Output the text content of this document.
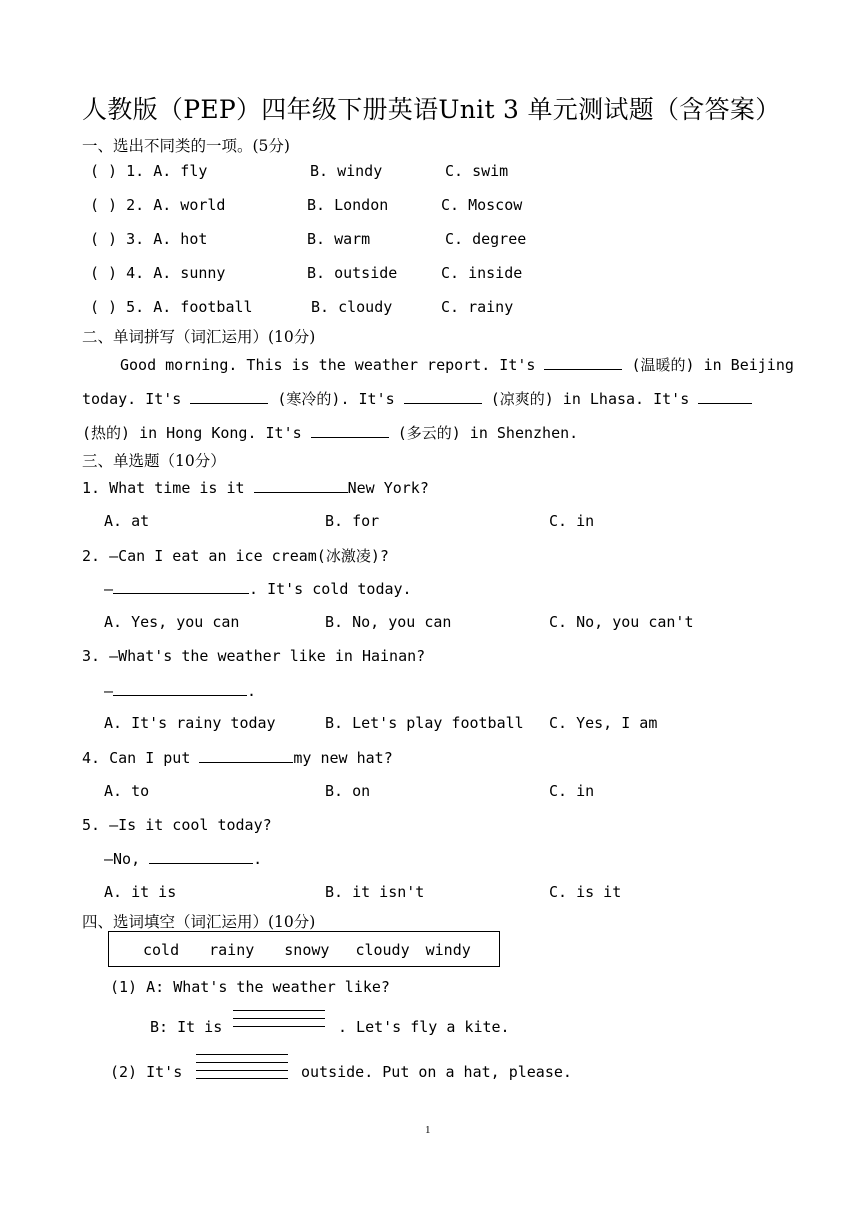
人教版（PEP）四年级下册英语Unit 3 单元测试题（含答案）
一、选出不同类的一项。(5分)
( ) 1. A. fly	B. windy	C. swim
( ) 2. A. world	B. London	C. Moscow
( ) 3. A. hot	B. warm	C. degree
( ) 4. A. sunny	B. outside	C. inside
( ) 5. A. football	B. cloudy	C. rainy
二、单词拼写（词汇运用）(10分)
Good morning. This is the weather report. It's	(温暖的) in Beijing
today. It's	(寒冷的). It's	(凉爽的) in Lhasa. It's
(热的) in Hong Kong. It's	(多云的) in Shenzhen.
三、单选题（10分）
1. What time is it	New York?
A. at	B. for	C. in
2. —Can I eat an ice cream(冰激凌)?
—	. It's cold today.
A. Yes, you can	B. No, you can	C. No, you can't
3. —What's the weather like in Hainan?
—	.
A. It's rainy today	B. Let's play football C. Yes, I am
4. Can I put	my new hat?
A. to	B. on	C. in
5. —Is it cool today?
—No,	.
A. it is	B. it isn't	C. is it
四、选词填空（词汇运用）(10分)
cold rainy snowy cloudy windy
(1) A: What's the weather like?
B: It is	. Let's fly a kite.
(2) It's	outside. Put on a hat, please.
1
